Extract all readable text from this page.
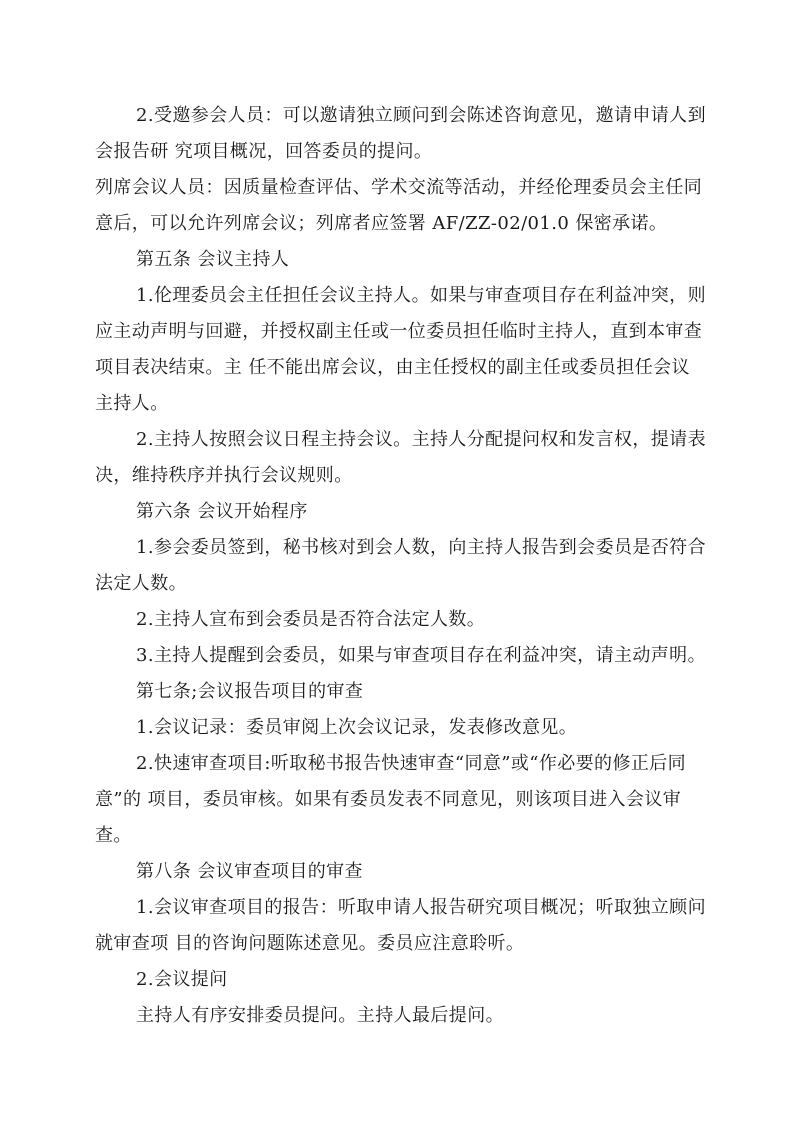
2.受邀参会人员：可以邀请独立顾问到会陈述咨询意见，邀请申请人到会报告研 究项目概况，回答委员的提问。

列席会议人员：因质量检查评估、学术交流等活动，并经伦理委员会主任同意后，可以允许列席会议；列席者应签署 AF/ZZ-02/01.0 保密承诺。

第五条 会议主持人

1.伦理委员会主任担任会议主持人。如果与审查项目存在利益冲突，则应主动声明与回避，并授权副主任或一位委员担任临时主持人，直到本审查项目表决结束。主 任不能出席会议，由主任授权的副主任或委员担任会议主持人。

2.主持人按照会议日程主持会议。主持人分配提问权和发言权，提请表决，维持秩序并执行会议规则。

第六条 会议开始程序

1.参会委员签到，秘书核对到会人数，向主持人报告到会委员是否符合法定人数。

2.主持人宣布到会委员是否符合法定人数。

3.主持人提醒到会委员，如果与审查项目存在利益冲突，请主动声明。

第七条;会议报告项目的审查

1.会议记录：委员审阅上次会议记录，发表修改意见。

2.快速审查项目:听取秘书报告快速审查“同意”或“作必要的修正后同意”的 项目，委员审核。如果有委员发表不同意见，则该项目进入会议审查。

第八条 会议审查项目的审查

1.会议审查项目的报告：听取申请人报告研究项目概况；听取独立顾问就审查项 目的咨询问题陈述意见。委员应注意聆听。

2.会议提问

主持人有序安排委员提问。主持人最后提问。
